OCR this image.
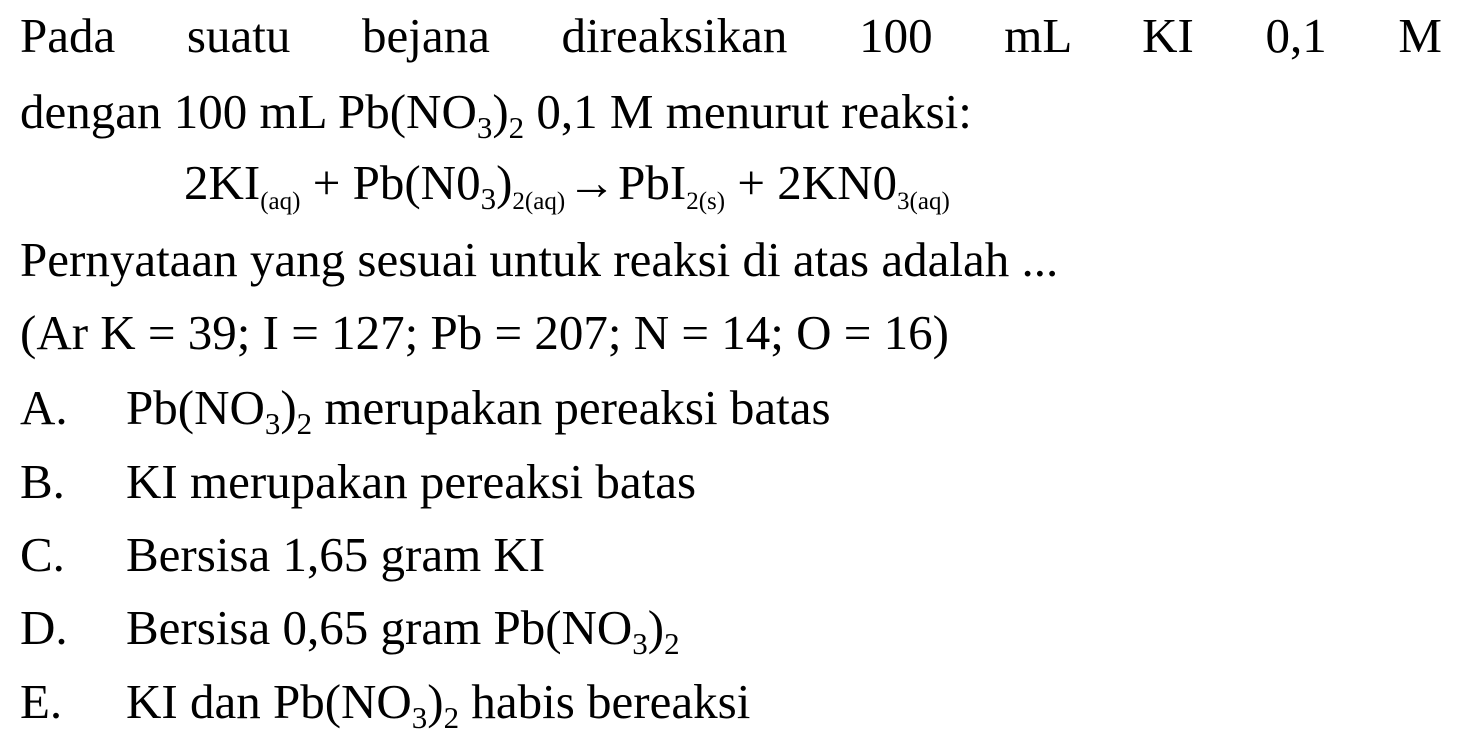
Pada suatu bejana direaksikan 100 mL KI 0,1 M
dengan 100 mL $Pb(NO_3)_2$ 0,1 M menurut reaksi:
$2KI_{(aq)} + Pb(N0_3)_{2(aq)}\to PbI_{2(s)} + 2KN0_{3(aq)}$
Pernyataan yang sesuai untuk reaksi di atas adalah ...
(Ar K = 39; I = 127; Pb = 207; N = 14; O = 16)
A. $Pb(NO_3)_2$ merupakan pereaksi batas
B. KI merupakan pereaksi batas
C. Bersisa 1,65 gram KI
D. Bersisa 0,65 gram $Pb(NO_3)_2$
E. KI dan $Pb(NO_3)_2$ habis bereaksi
